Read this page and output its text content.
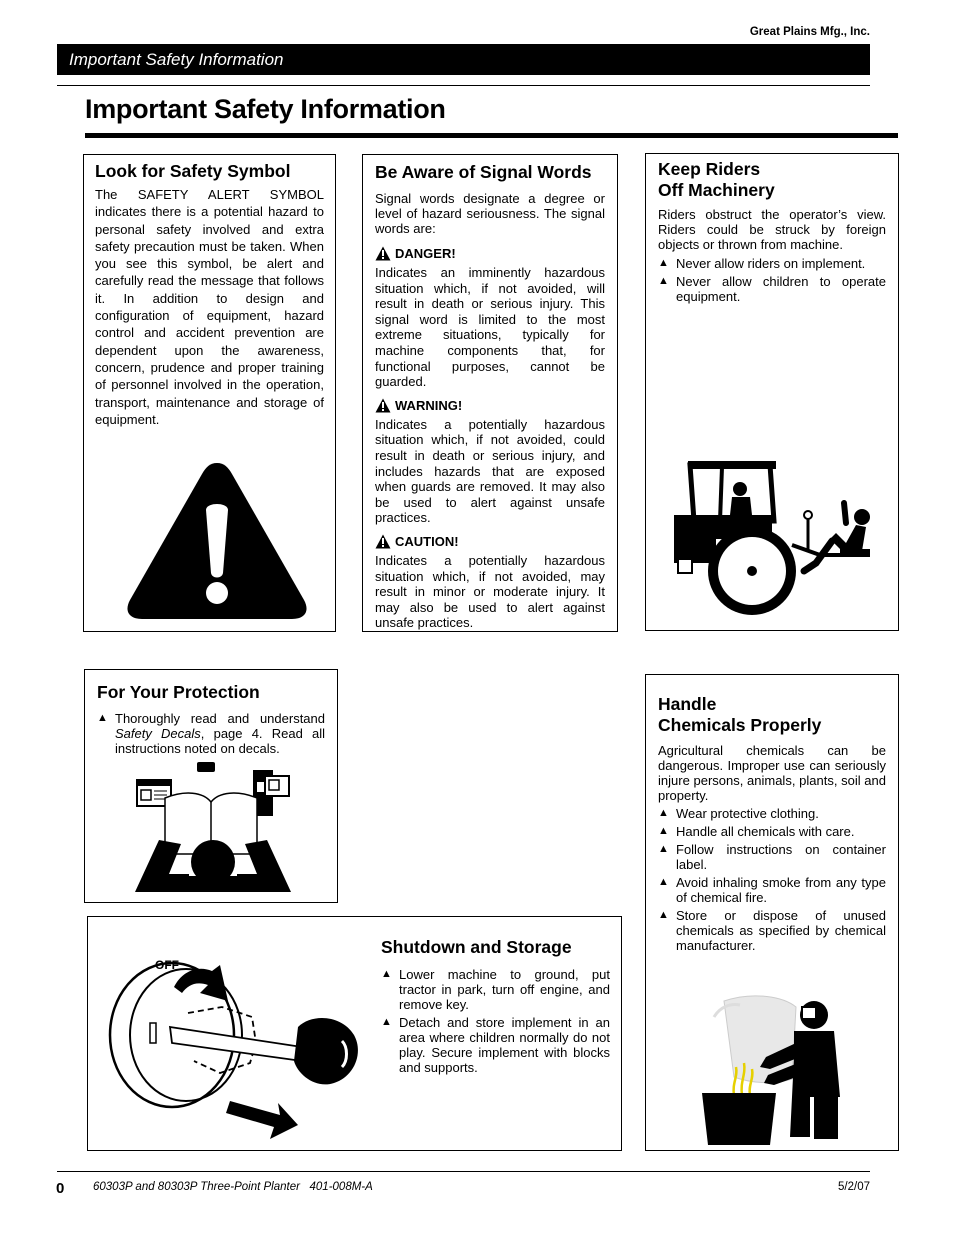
Great Plains Mfg., Inc.
Important Safety Information
Important Safety Information
Look for Safety Symbol

The SAFETY ALERT SYMBOL indicates there is a potential hazard to personal safety involved and extra safety precaution must be taken. When you see this symbol, be alert and carefully read the message that follows it. In addition to design and configuration of equipment, hazard control and accident prevention are dependent upon the awareness, concern, prudence and proper training of personnel involved in the operation, transport, maintenance and storage of equipment.

Be Aware of Signal Words

Signal words designate a degree or level of hazard seriousness. The signal words are:

DANGER!

Indicates an imminently hazardous situation which, if not avoided, will result in death or serious injury. This signal word is limited to the most extreme situations, typically for machine components that, for functional purposes, cannot be guarded.

WARNING!

Indicates a potentially hazardous situation which, if not avoided, could result in death or serious injury, and includes hazards that are exposed when guards are removed. It may also be used to alert against unsafe practices.

CAUTION!

Indicates a potentially hazardous situation which, if not avoided, may result in minor or moderate injury. It may also be used to alert against unsafe practices.

Keep Riders
Off Machinery

Riders obstruct the operator’s view. Riders could be struck by foreign objects or thrown from machine.

▲ Never allow riders on implement.
▲ Never allow children to operate equipment.
For Your Protection
▲ Thoroughly read and understand Safety Decals, page 4. Read all instructions noted on decals.
Handle
Chemicals Properly

Agricultural chemicals can be dangerous. Improper use can seriously injure persons, animals, plants, soil and property.

▲ Wear protective clothing.
▲ Handle all chemicals with care.
▲ Follow instructions on container label.
▲ Avoid inhaling smoke from any type of chemical fire.
▲ Store or dispose of unused chemicals as specified by chemical manufacturer.
OFF
Shutdown and Storage
▲ Lower machine to ground, put tractor in park, turn off engine, and remove key.
▲ Detach and store implement in an area where children normally do not play. Secure implement with blocks and supports.
0 60303P and 80303P Three-Point Planter   401-008M-A	5/2/07
